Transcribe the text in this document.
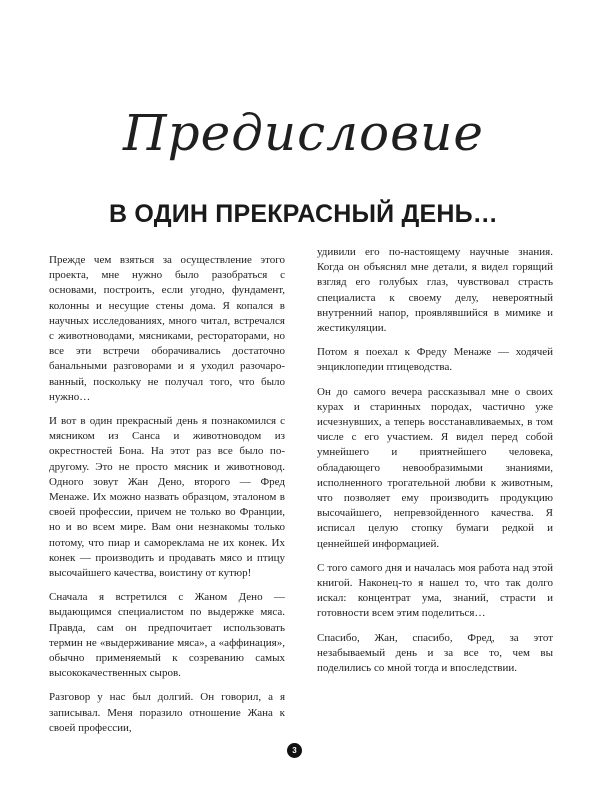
Предисловие
В ОДИН ПРЕКРАСНЫЙ ДЕНЬ…

Прежде чем взяться за осуществление этого проекта, мне нужно было разобраться с основами, построить, если угодно, фундамент, колонны и несущие стены дома. Я копался в научных исследованиях, много читал, встречался с животноводами, мясниками, рестораторами, но все эти встречи оборачивались достаточно банальными разговорами и я уходил разочарованный, поскольку не получал того, что было нужно…

И вот в один прекрасный день я познакомился с мясником из Санса и животноводом из окрестностей Бона. На этот раз все было по-другому. Это не просто мясник и животновод. Одного зовут Жан Дено, второго — Фред Менаже. Их можно назвать образцом, эталоном в своей профессии, причем не только во Франции, но и во всем мире. Вам они незнакомы только потому, что пиар и самореклама не их конек. Их конек — производить и продавать мясо и птицу высочайшего качества, воистину от кутюр!

Сначала я встретился с Жаном Дено — выдающимся специалистом по выдержке мяса. Правда, сам он предпочитает использовать термин не «выдерживание мяса», а «аффинация», обычно применяемый к созреванию самых высококачественных сыров.

Разговор у нас был долгий. Он говорил, а я записывал. Меня поразило отношение Жана к своей профессии,

удивили его по-настоящему научные знания. Когда он объяснял мне детали, я видел горящий взгляд его голубых глаз, чувствовал страсть специалиста к своему делу, невероятный внутренний напор, проявлявшийся в мимике и жестикуляции.

Потом я поехал к Фреду Менаже — ходячей энциклопедии птицеводства.

Он до самого вечера рассказывал мне о своих курах и старинных породах, частично уже исчезнувших, а теперь восстанавливаемых, в том числе с его участием. Я видел перед собой умнейшего и приятнейшего человека, обладающего невообразимыми знаниями, исполненного трогательной любви к животным, что позволяет ему производить продукцию высочайшего, непревзойденного качества. Я исписал целую стопку бумаги редкой и ценнейшей информацией.

С того самого дня и началась моя работа над этой книгой. Наконец-то я нашел то, что так долго искал: концентрат ума, знаний, страсти и готовности всем этим поделиться…

Спасибо, Жан, спасибо, Фред, за этот незабываемый день и за все то, чем вы поделились со мной тогда и впоследствии.

3
